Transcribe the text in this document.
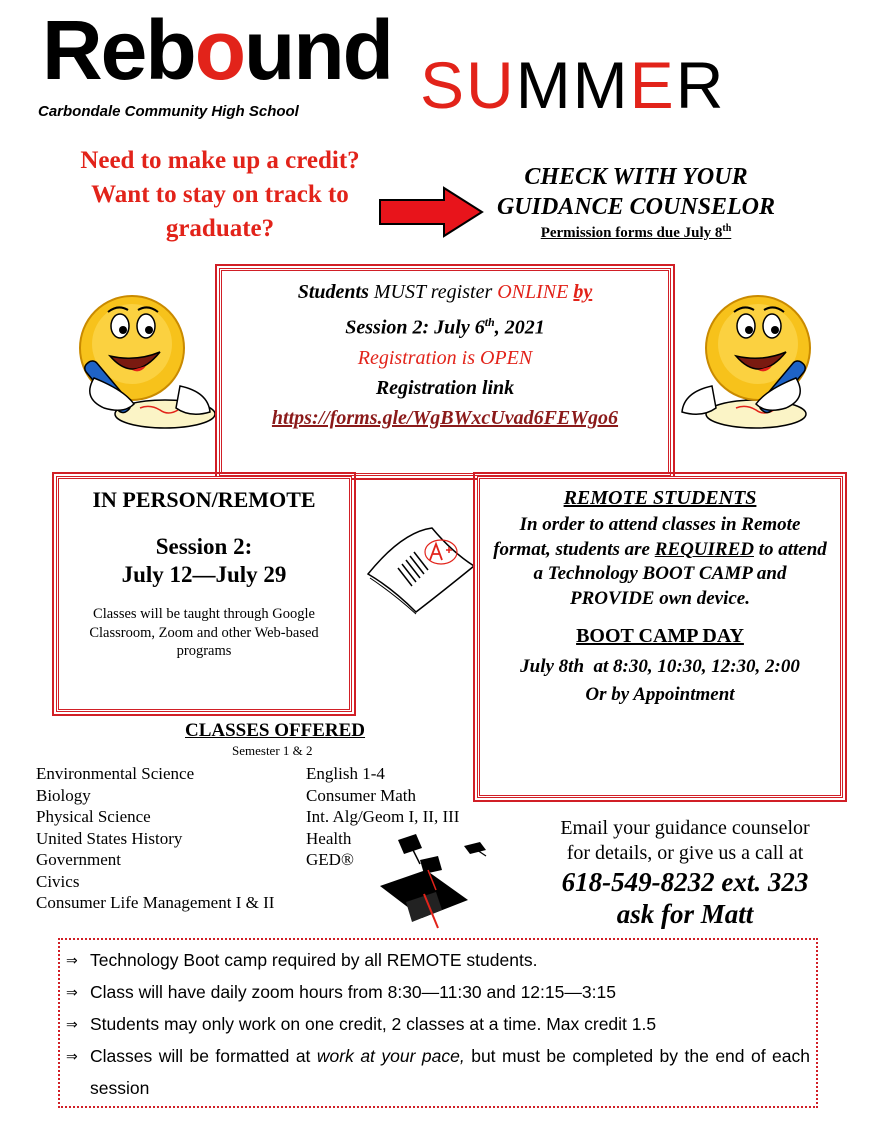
Rebound SUMMER
Carbondale Community High School
Need to make up a credit?
Want to stay on track to graduate?
CHECK WITH YOUR
GUIDANCE COUNSELOR
Permission forms due July 8th

Students MUST register ONLINE by

Session 2: July 6th, 2021

Registration is OPEN

Registration link

https://forms.gle/WgBWxcUvad6FEWgo6

IN PERSON/REMOTE
Session 2:
July 12—July 29
Classes will be taught through Google Classroom, Zoom and other Web-based programs
REMOTE STUDENTS
In order to attend classes in Remote format, students are REQUIRED to attend a Technology BOOT CAMP and PROVIDE own device.
BOOT CAMP DAY
July 8th  at 8:30, 10:30, 12:30, 2:00
Or by Appointment
CLASSES OFFERED
Semester 1 & 2
Environmental Science
Biology
Physical Science
United States History
Government
Civics
Consumer Life Management I & II
English 1-4
Consumer Math
Int. Alg/Geom I, II, III
Health
GED®
Email your guidance counselor
for details, or give us a call at
618-549-8232 ext. 323
ask for Matt
⇒ Technology Boot camp required by all REMOTE students.
⇒ Class will have daily zoom hours from 8:30—11:30 and 12:15—3:15
⇒ Students may only work on one credit, 2 classes at a time. Max credit 1.5
⇒ Classes will be formatted at work at your pace, but must be completed by the end of each session
